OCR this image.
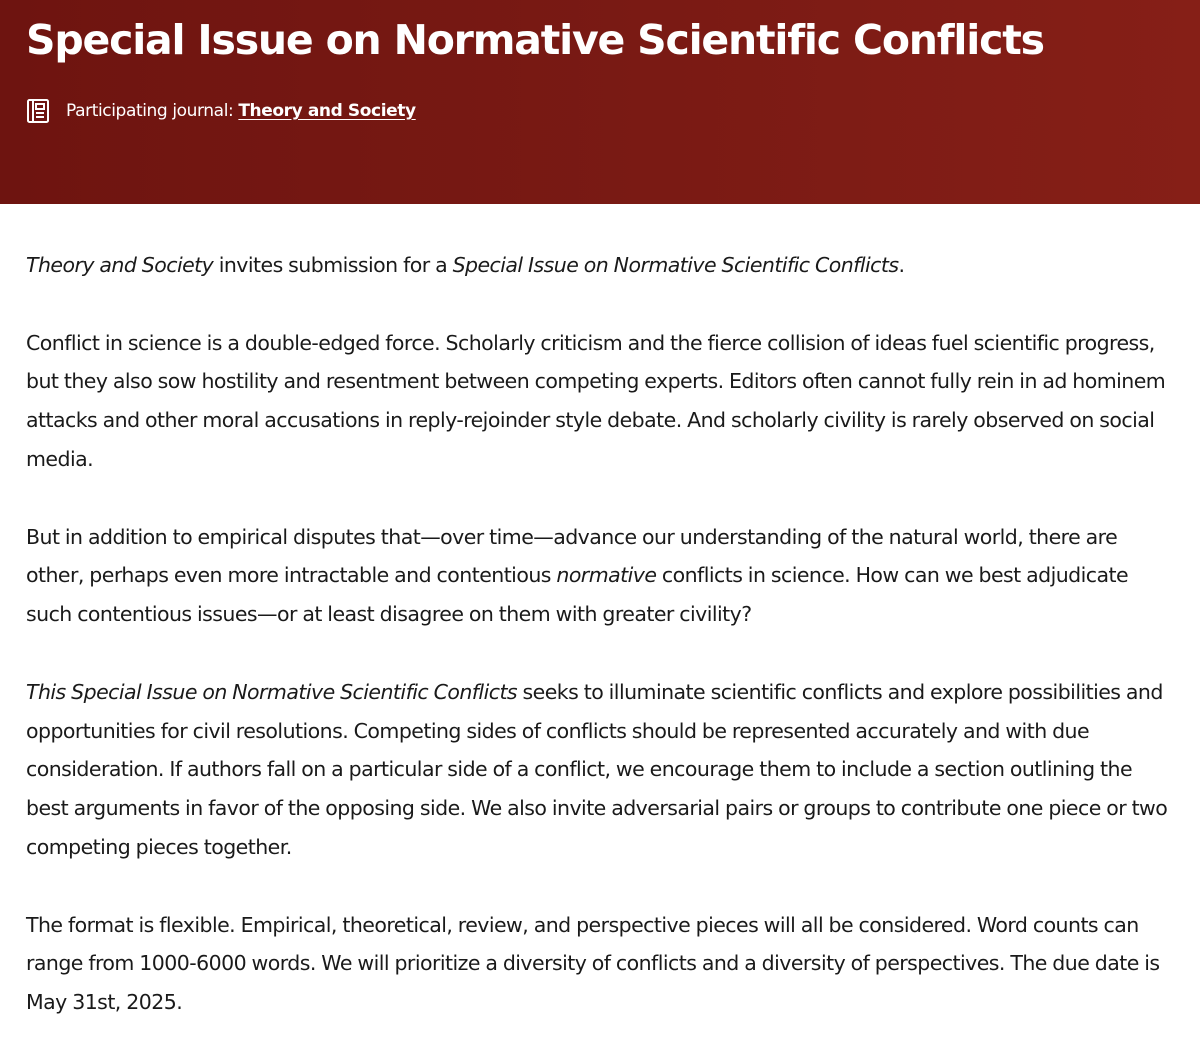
Special Issue on Normative Scientific Conflicts
Participating journal: Theory and Society

Theory and Society invites submission for a Special Issue on Normative Scientific Conflicts.

Conflict in science is a double-edged force. Scholarly criticism and the fierce collision of ideas fuel scientific progress, but they also sow hostility and resentment between competing experts. Editors often cannot fully rein in ad hominem attacks and other moral accusations in reply-rejoinder style debate. And scholarly civility is rarely observed on social media.

But in addition to empirical disputes that—over time—advance our understanding of the natural world, there are other, perhaps even more intractable and contentious normative conflicts in science. How can we best adjudicate such contentious issues—or at least disagree on them with greater civility?

This Special Issue on Normative Scientific Conflicts seeks to illuminate scientific conflicts and explore possibilities and opportunities for civil resolutions. Competing sides of conflicts should be represented accurately and with due consideration. If authors fall on a particular side of a conflict, we encourage them to include a section outlining the best arguments in favor of the opposing side. We also invite adversarial pairs or groups to contribute one piece or two competing pieces together.

The format is flexible. Empirical, theoretical, review, and perspective pieces will all be considered. Word counts can range from 1000-6000 words. We will prioritize a diversity of conflicts and a diversity of perspectives. The due date is May 31st, 2025.
